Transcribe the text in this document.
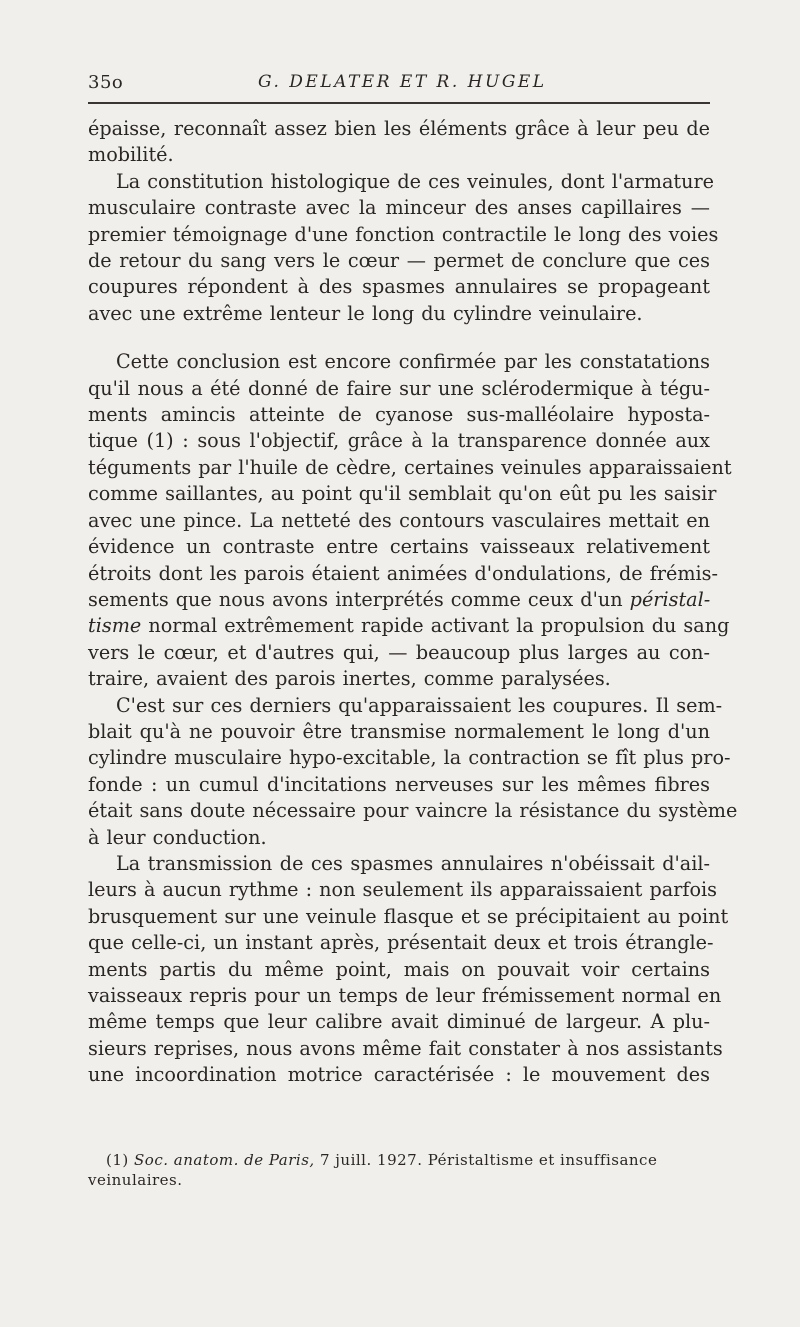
35o	G. DELATER ET R. HUGEL

épaisse, reconnaît assez bien les éléments grâce à leur peu de
mobilité.

La constitution histologique de ces veinules, dont l'armature
musculaire contraste avec la minceur des anses capillaires —
premier témoignage d'une fonction contractile le long des voies
de retour du sang vers le cœur — permet de conclure que ces
coupures répondent à des spasmes annulaires se propageant
avec une extrême lenteur le long du cylindre veinulaire.

Cette conclusion est encore confirmée par les constatations
qu'il nous a été donné de faire sur une sclérodermique à tégu-
ments amincis atteinte de cyanose sus-malléolaire hyposta-
tique (1) : sous l'objectif, grâce à la transparence donnée aux
téguments par l'huile de cèdre, certaines veinules apparaissaient
comme saillantes, au point qu'il semblait qu'on eût pu les saisir
avec une pince. La netteté des contours vasculaires mettait en
évidence un contraste entre certains vaisseaux relativement
étroits dont les parois étaient animées d'ondulations, de frémis-
sements que nous avons interprétés comme ceux d'un péristal-
tisme normal extrêmement rapide activant la propulsion du sang
vers le cœur, et d'autres qui, — beaucoup plus larges au con-
traire, avaient des parois inertes, comme paralysées.

C'est sur ces derniers qu'apparaissaient les coupures. Il sem-
blait qu'à ne pouvoir être transmise normalement le long d'un
cylindre musculaire hypo-excitable, la contraction se fît plus pro-
fonde : un cumul d'incitations nerveuses sur les mêmes fibres
était sans doute nécessaire pour vaincre la résistance du système
à leur conduction.

La transmission de ces spasmes annulaires n'obéissait d'ail-
leurs à aucun rythme : non seulement ils apparaissaient parfois
brusquement sur une veinule flasque et se précipitaient au point
que celle-ci, un instant après, présentait deux et trois étrangle-
ments partis du même point, mais on pouvait voir certains
vaisseaux repris pour un temps de leur frémissement normal en
même temps que leur calibre avait diminué de largeur. A plu-
sieurs reprises, nous avons même fait constater à nos assistants
une incoordination motrice caractérisée : le mouvement des

(1) Soc. anatom. de Paris, 7 juill. 1927. Péristaltisme et insuffisance
veinulaires.
